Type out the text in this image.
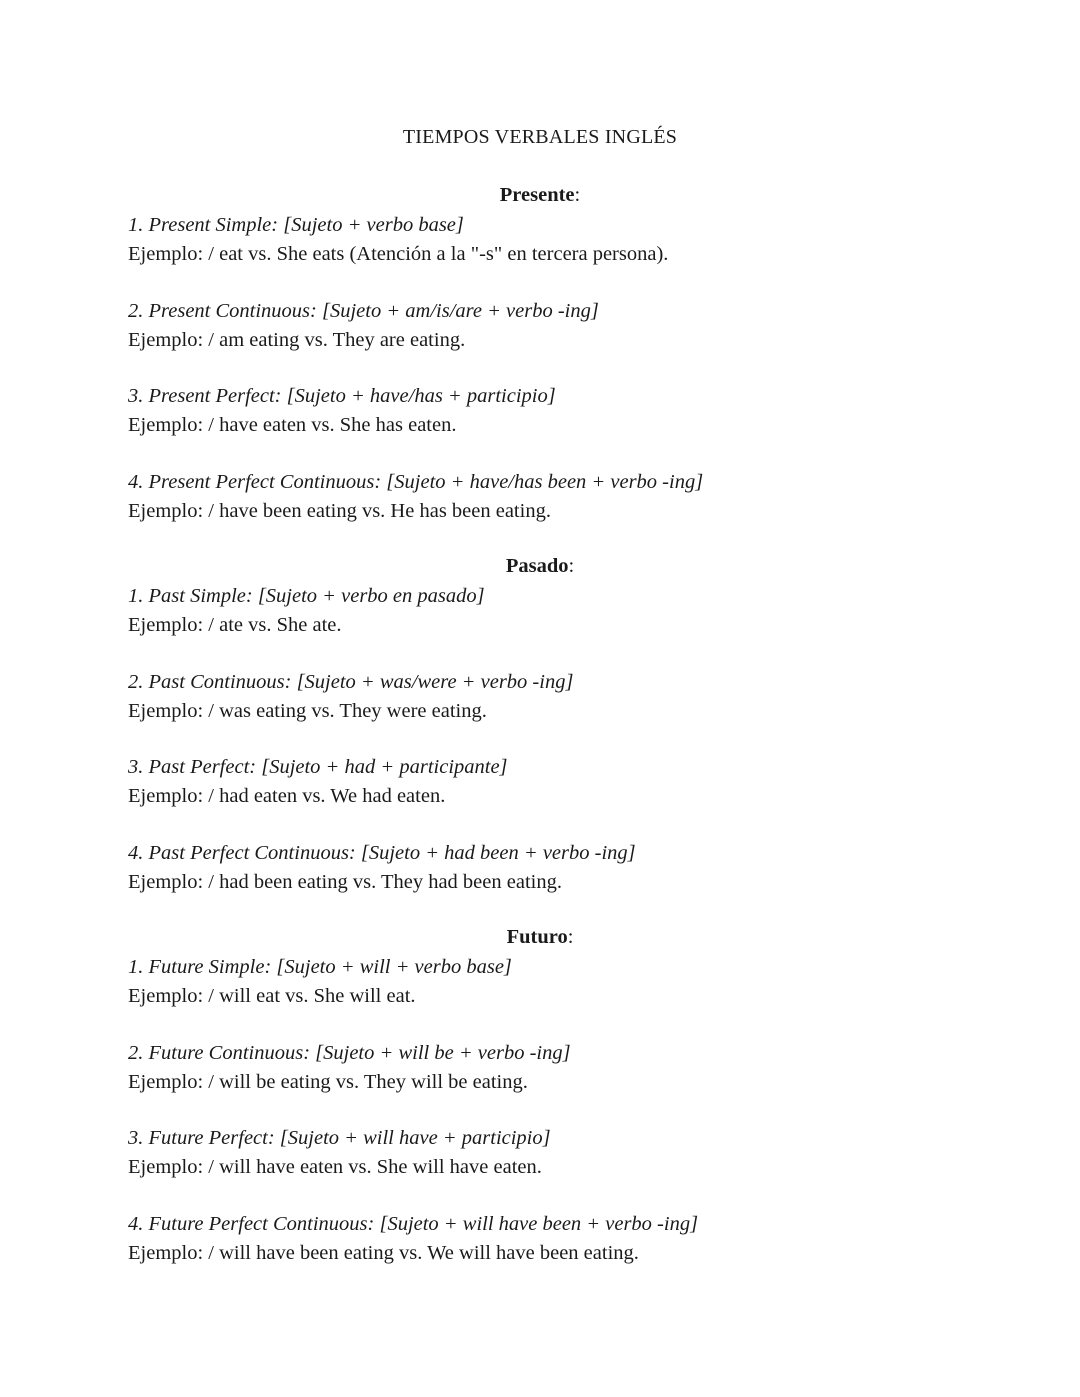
TIEMPOS VERBALES INGLÉS
Presente:
1. Present Simple: [Sujeto + verbo base]
Ejemplo: / eat vs. She eats (Atención a la "-s" en tercera persona).
2. Present Continuous: [Sujeto + am/is/are + verbo -ing]
Ejemplo: / am eating vs. They are eating.
3. Present Perfect: [Sujeto + have/has + participio]
Ejemplo: / have eaten vs. She has eaten.
4. Present Perfect Continuous: [Sujeto + have/has been + verbo -ing]
Ejemplo: / have been eating vs. He has been eating.
Pasado:
1. Past Simple: [Sujeto + verbo en pasado]
Ejemplo: / ate vs. She ate.
2. Past Continuous: [Sujeto + was/were + verbo -ing]
Ejemplo: / was eating vs. They were eating.
3. Past Perfect: [Sujeto + had + participante]
Ejemplo: / had eaten vs. We had eaten.
4. Past Perfect Continuous: [Sujeto + had been + verbo -ing]
Ejemplo: / had been eating vs. They had been eating.
Futuro:
1. Future Simple: [Sujeto + will + verbo base]
Ejemplo: / will eat vs. She will eat.
2. Future Continuous: [Sujeto + will be + verbo -ing]
Ejemplo: / will be eating vs. They will be eating.
3. Future Perfect: [Sujeto + will have + participio]
Ejemplo: / will have eaten vs. She will have eaten.
4. Future Perfect Continuous: [Sujeto + will have been + verbo -ing]
Ejemplo: / will have been eating vs. We will have been eating.
